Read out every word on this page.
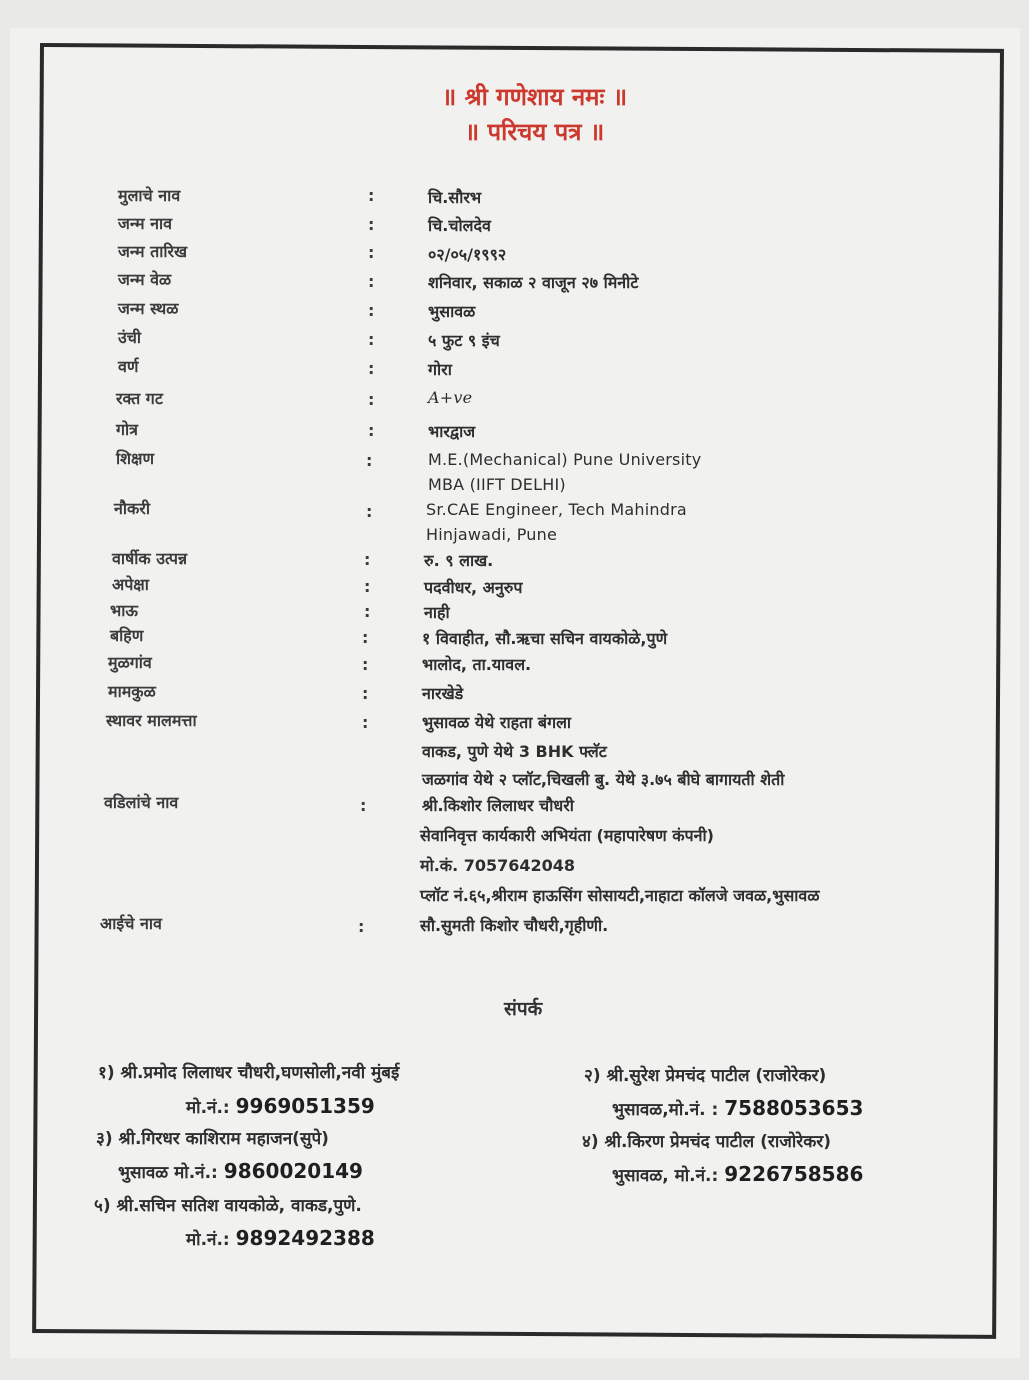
॥ श्री गणेशाय नमः ॥
॥ परिचय पत्र ॥
मुलाचे नाव	:	चि.सौरभ
जन्म नाव	:	चि.चोलदेव
जन्म तारिख	:	०२/०५/१९९२
जन्म वेळ	:	शनिवार, सकाळ २ वाजून २७ मिनीटे
जन्म स्थळ	:	भुसावळ
उंची	:	५ फुट ९ इंच
वर्ण	:	गोरा
रक्त गट	:	A+ve
गोत्र	:	भारद्वाज
शिक्षण	:	M.E.(Mechanical) Pune University
MBA (IIFT DELHI)
नौकरी	:	Sr.CAE Engineer, Tech Mahindra
Hinjawadi, Pune
वार्षीक उत्पन्न	:	रु. ९ लाख.
अपेक्षा	:	पदवीधर, अनुरुप
भाऊ	:	नाही
बहिण	:	१ विवाहीत, सौ.ऋचा सचिन वायकोळे,पुणे
मुळगांव	:	भालोद, ता.यावल.
मामकुळ	:	नारखेडे
स्थावर मालमत्ता	:	भुसावळ येथे राहता बंगला
वाकड, पुणे येथे 3 BHK फ्लॅट
जळगांव येथे २ प्लॉट,चिखली बु. येथे ३.७५ बीघे बागायती शेती
वडिलांचे नाव	:	श्री.किशोर लिलाधर चौधरी
सेवानिवृत्त कार्यकारी अभियंता (महापारेषण कंपनी)
मो.कं. 7057642048
प्लॉट नं.६५,श्रीराम हाऊसिंग सोसायटी,नाहाटा कॉलजे जवळ,भुसावळ
आईचे नाव	:	सौ.सुमती किशोर चौधरी,गृहीणी.
संपर्क
१) श्री.प्रमोद लिलाधर चौधरी,घणसोली,नवी मुंबई
मो.नं.: 9969051359
२) श्री.सुरेश प्रेमचंद पाटील (राजोरेकर)
भुसावळ,मो.नं. : 7588053653
३) श्री.गिरधर काशिराम महाजन(सुपे)
भुसावळ मो.नं.: 9860020149
४) श्री.किरण प्रेमचंद पाटील (राजोरेकर)
भुसावळ, मो.नं.: 9226758586
५) श्री.सचिन सतिश वायकोळे, वाकड,पुणे.
मो.नं.: 9892492388
